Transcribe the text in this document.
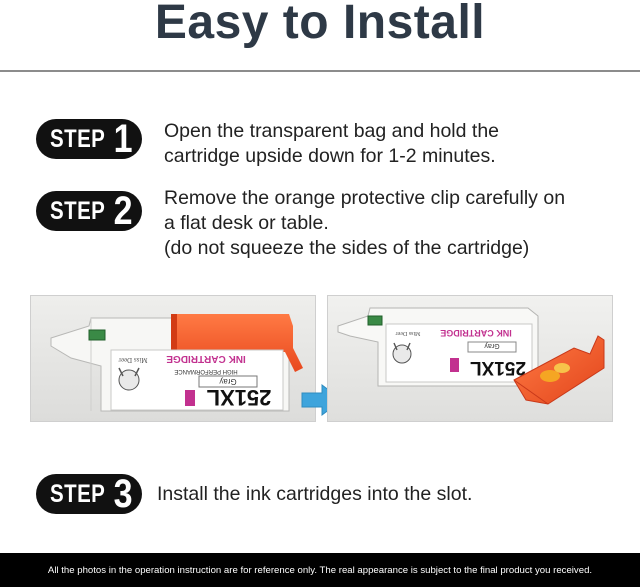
Easy to Install
STEP 1 Open the transparent bag and hold the
cartridge upside down for 1-2 minutes.
STEP 2 Remove the orange protective clip carefully on
a flat desk or table.
(do not squeeze the sides of the cartridge)
INK CARTRIDGE
HIGH PERFORMANCE
Gray
251XL
Miss Deer
INK CARTRIDGE
Gray
251XL
Miss Deer
STEP 3 Install the ink cartridges into the slot.
All the photos in the operation instruction are for reference only. The real appearance is subject to the final product you received.
